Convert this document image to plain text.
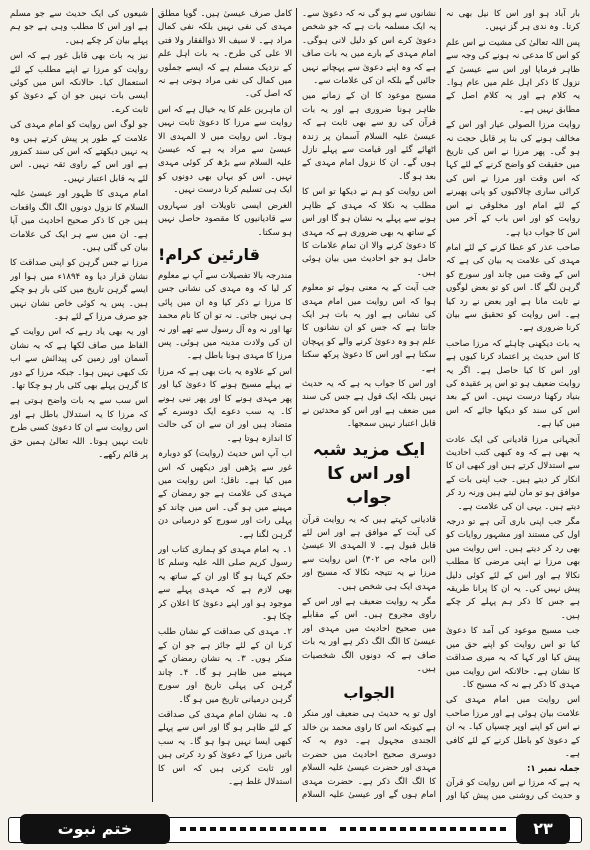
بار آباد ہو اور اس کا نیل بھی نہ کرتا۔ وہ ندی ہر گز نہیں۔

پس اللہ تعالیٰ کی مشیت نے اس علم کو اس کا مدعی نہ ہونے کی وجہ سے ظاہر فرمایا اور اس سے عیسیٰ کے نزول کا ذکر اہل علم میں عام ہوا۔ یہ کلام ہے اور یہ کلام اصل کے مطابق نہیں ہے۔

روایت مرزا الصولی عیار اور اس کے مخالف ہونے کی بنا پر قابل حجت نہ ہو گی۔ پھر مرزا نے اس کی تاریخ میں حقیقت کو واضح کرنے کے لئے کہا کہ اس وقت اور مرزا نے اس کی کرائی ساری چالاکیوں کو پانی پھیرنے کے لئے امام اور مخلوقی نے اس روایت کو اور اس باب کے آخر میں اس کا جواب دیا ہے۔

صاحب عذر کو عطا کرنے کے لئے امام مہدی کی علامت یہ بیان کی ہے کہ اس کے وقت میں چاند اور سورج کو گرہن لگے گا۔ اس کو تو بعض لوگوں نے ثابت مانا ہے اور بعض نے رد کیا ہے۔ اس روایت کو تحقیق سے بیان کرنا ضروری ہے۔

یہ بات دیکھنی چاہئے کہ مرزا صاحب کا اس حدیث پر اعتماد کرنا کیوں ہے اور اس کا کیا حاصل ہے۔ اگر یہ روایت ضعیف ہو تو اس پر عقیدہ کی بنیاد رکھنا درست نہیں۔ اس کے بعد اس کی سند کو دیکھا جائے کہ اس میں کیا ہے۔

آنجہانی مرزا قادیانی کی ایک عادت یہ بھی ہے کہ وہ کبھی کتب احادیث سے استدلال کرتے ہیں اور کبھی ان کا انکار کر دیتے ہیں۔ جب اپنی بات کے موافق ہو تو مان لیتے ہیں ورنہ رد کر دیتے ہیں۔ یہی ان کی علامت ہے۔

مگر جب اپنی باری آتی ہے تو درجہ اول کی مستند اور مشہور روایات کو بھی رد کر دیتے ہیں۔ اس روایت میں بھی مرزا نے اپنی مرضی کا مطلب نکالا ہے اور اس کے لئے کوئی دلیل پیش نہیں کی۔ یہ ان کا پرانا طریقہ ہے جس کا ذکر ہم پہلے کر چکے ہیں۔

جب مسیح موعود کی آمد کا دعویٰ کیا تو اس روایت کو اپنے حق میں پیش کیا اور کہا کہ یہ میری صداقت کا نشان ہے۔ حالانکہ اس روایت میں مہدی کا ذکر ہے نہ کہ مسیح کا۔

اس روایت میں امام مہدی کی علامت بیان ہوئی ہے اور مرزا صاحب نے اس کو اپنے اوپر چسپاں کیا۔ یہ ان کے دعویٰ کو باطل کرنے کے لئے کافی ہے۔

جملہ نمبر ۱:

یہ ہے کہ مرزا نے اس روایت کو قرآن و حدیث کی روشنی میں پیش کیا اور

نشانوں سے ہو گی نہ کہ دعویٰ سے۔ یہ ایک مسلمہ بات ہے کہ جو شخص دعویٰ کرے اس کو دلیل لانی ہوگی۔ امام مہدی کے بارے میں یہ بات صاف ہے کہ وہ اپنے دعویٰ سے پہچانے نہیں جائیں گے بلکہ ان کی علامات سے۔

مسیح موعود کا ان کے زمانے میں ظاہر ہونا ضروری ہے اور یہ بات قرآن کی رو سے بھی ثابت ہے کہ عیسیٰ علیہ السلام آسمان پر زندہ اٹھائے گئے اور قیامت سے پہلے نازل ہوں گے۔ ان کا نزول امام مہدی کے بعد ہو گا۔

اس روایت کو ہم نے دیکھا تو اس کا مطلب یہ نکلا کہ مہدی کے ظاہر ہونے سے پہلے یہ نشان ہو گا اور اس کے ساتھ یہ بھی ضروری ہے کہ مہدی کا دعویٰ کرنے والا ان تمام علامات کا حامل ہو جو احادیث میں بیان ہوئی ہیں۔

جب آیت کے یہ معنی ہوئے تو معلوم ہوا کہ اس روایت میں امام مہدی کی نشانی ہے اور یہ بات ہر ایک جانتا ہے کہ جس کو ان نشانوں کا علم ہو وہ دعویٰ کرنے والے کو پہچان سکتا ہے اور اس کا دعویٰ پرکھ سکتا ہے۔

اور اس کا جواب یہ ہے کہ یہ حدیث نہیں بلکہ ایک قول ہے جس کی سند میں ضعف ہے اور اس کو محدثین نے قابل اعتبار نہیں سمجھا۔

ایک مزید شبہ اور اس کا جواب

قادیانی کہتے ہیں کہ یہ روایت قرآن کی آیت کے موافق ہے اور اس لئے قابل قبول ہے۔ لا المہدی الا عیسیٰ (ابن ماجہ ص ۳۰۲) اس روایت سے مرزا نے یہ نتیجہ نکالا کہ مسیح اور مہدی ایک ہی شخص ہیں۔

مگر یہ روایت ضعیف ہے اور اس کے راوی مجروح ہیں۔ اس کے مقابلے میں صحیح احادیث میں مہدی اور عیسیٰ کا الگ الگ ذکر ہے اور یہ بات صاف ہے کہ دونوں الگ شخصیات ہیں۔

الجواب

اول تو یہ حدیث ہی ضعیف اور منکر ہے کیونکہ اس کا راوی محمد بن خالد الجندی مجہول ہے۔ دوم یہ کہ دوسری صحیح احادیث میں حضرت مہدی اور حضرت عیسیٰ علیہ السلام کا الگ الگ ذکر ہے۔ حضرت مہدی امام ہوں گے اور عیسیٰ علیہ السلام

کامل صرف عیسیٰ ہیں۔ گویا مطلق مہدی کی نفی نہیں بلکہ نفی کمال مراد ہے۔ لا سیف الا ذوالفقار ولا فتی الا علی کی طرح۔ یہ بات اہل علم کے نزدیک مسلم ہے کہ ایسے جملوں میں کمال کی نفی مراد ہوتی ہے نہ کہ اصل کی۔

ان ماہرین علم کا یہ خیال ہے کہ اس روایت سے مرزا کا دعویٰ ثابت نہیں ہوتا۔ اس روایت میں لا المہدی الا عیسیٰ سے مراد یہ ہے کہ عیسیٰ علیہ السلام سے بڑھ کر کوئی مہدی نہیں۔ اس کو یہاں بھی دونوں کو ایک ہی تسلیم کرنا درست نہیں۔

الغرض ایسی تاویلات اور سہاروں سے قادیانیوں کا مقصود حاصل نہیں ہو سکتا۔

قارئین کرام!

مندرجہ بالا تفصیلات سے آپ نے معلوم کر لیا کہ وہ مہدی کی نشانی جس کا مرزا نے ذکر کیا وہ ان میں پائی ہی نہیں جاتی۔ نہ تو ان کا نام محمد تھا اور نہ وہ آل رسول سے تھے اور نہ ان کی ولادت مدینہ میں ہوئی۔ پس مرزا کا مہدی ہونا باطل ہے۔

اس کے علاوہ یہ بات بھی ہے کہ مرزا نے پہلے مسیح ہونے کا دعویٰ کیا اور پھر مہدی ہونے کا اور پھر نبی ہونے کا۔ یہ سب دعوے ایک دوسرے کے متضاد ہیں اور ان سے ان کی حالت کا اندازہ ہوتا ہے۔

اب آپ اس حدیث (روایت) کو دوبارہ غور سے پڑھیں اور دیکھیں کہ اس میں کیا ہے۔ ناقل: اس روایت میں مہدی کی علامت ہے جو رمضان کے مہینے میں ہو گی۔ اس میں چاند کو پہلی رات اور سورج کو درمیانی دن گرہن لگنا ہے۔

۱۔ یہ امام مہدی کو ہماری کتاب اور رسول کریم صلی اللہ علیہ وسلم کا حکم کہنا ہو گا اور ان کے ساتھ یہ بھی لازم ہے کہ مہدی پہلے سے موجود ہو اور اپنے دعویٰ کا اعلان کر چکا ہو۔

۲۔ مہدی کی صداقت کے نشان طلب کرنا ان کے لئے جائز ہے جو ان کے منکر ہوں۔ ۳۔ یہ نشان رمضان کے مہینے میں ظاہر ہو گا۔ ۴۔ چاند گرہن کی پہلی تاریخ اور سورج گرہن درمیانی تاریخ میں ہو گا۔

۵۔ یہ نشان امام مہدی کی صداقت کے لئے ظاہر ہو گا اور اس سے پہلے کبھی ایسا نہیں ہوا ہو گا۔ یہ سب باتیں مرزا کے دعویٰ کو رد کرتی ہیں اور ثابت کرتی ہیں کہ اس کا استدلال غلط ہے۔

شیعوں کی ایک حدیث سے جو مسلم ہے اور اس کا مطلب وہی ہے جو ہم پہلے بیان کر چکے ہیں۔

نیز یہ بات بھی قابل غور ہے کہ اس روایت کو مرزا نے اپنے مطلب کے لئے استعمال کیا۔ حالانکہ اس میں کوئی ایسی بات نہیں جو ان کے دعویٰ کو ثابت کرے۔

جو لوگ اس روایت کو امام مہدی کی علامت کے طور پر پیش کرتے ہیں وہ یہ نہیں دیکھتے کہ اس کی سند کمزور ہے اور اس کے راوی ثقہ نہیں۔ اس لئے یہ قابل اعتبار نہیں۔

امام مہدی کا ظہور اور عیسیٰ علیہ السلام کا نزول دونوں الگ الگ واقعات ہیں جن کا ذکر صحیح احادیث میں آیا ہے۔ ان میں سے ہر ایک کی علامات بیان کی گئی ہیں۔

مرزا نے جس گرہن کو اپنی صداقت کا نشان قرار دیا وہ ۱۸۹۴ء میں ہوا اور ایسے گرہن تاریخ میں کئی بار ہو چکے ہیں۔ پس یہ کوئی خاص نشان نہیں جو صرف مرزا کے لئے ہو۔

اور یہ بھی یاد رہے کہ اس روایت کے الفاظ میں صاف لکھا ہے کہ یہ نشان آسمان اور زمین کی پیدائش سے اب تک کبھی نہیں ہوا۔ جبکہ مرزا کے دور کا گرہن پہلے بھی کئی بار ہو چکا تھا۔

اس سب سے یہ بات واضح ہوتی ہے کہ مرزا کا یہ استدلال باطل ہے اور اس روایت سے ان کا دعویٰ کسی طرح ثابت نہیں ہوتا۔ اللہ تعالیٰ ہمیں حق پر قائم رکھے۔

ختم نبوت	۲۳
